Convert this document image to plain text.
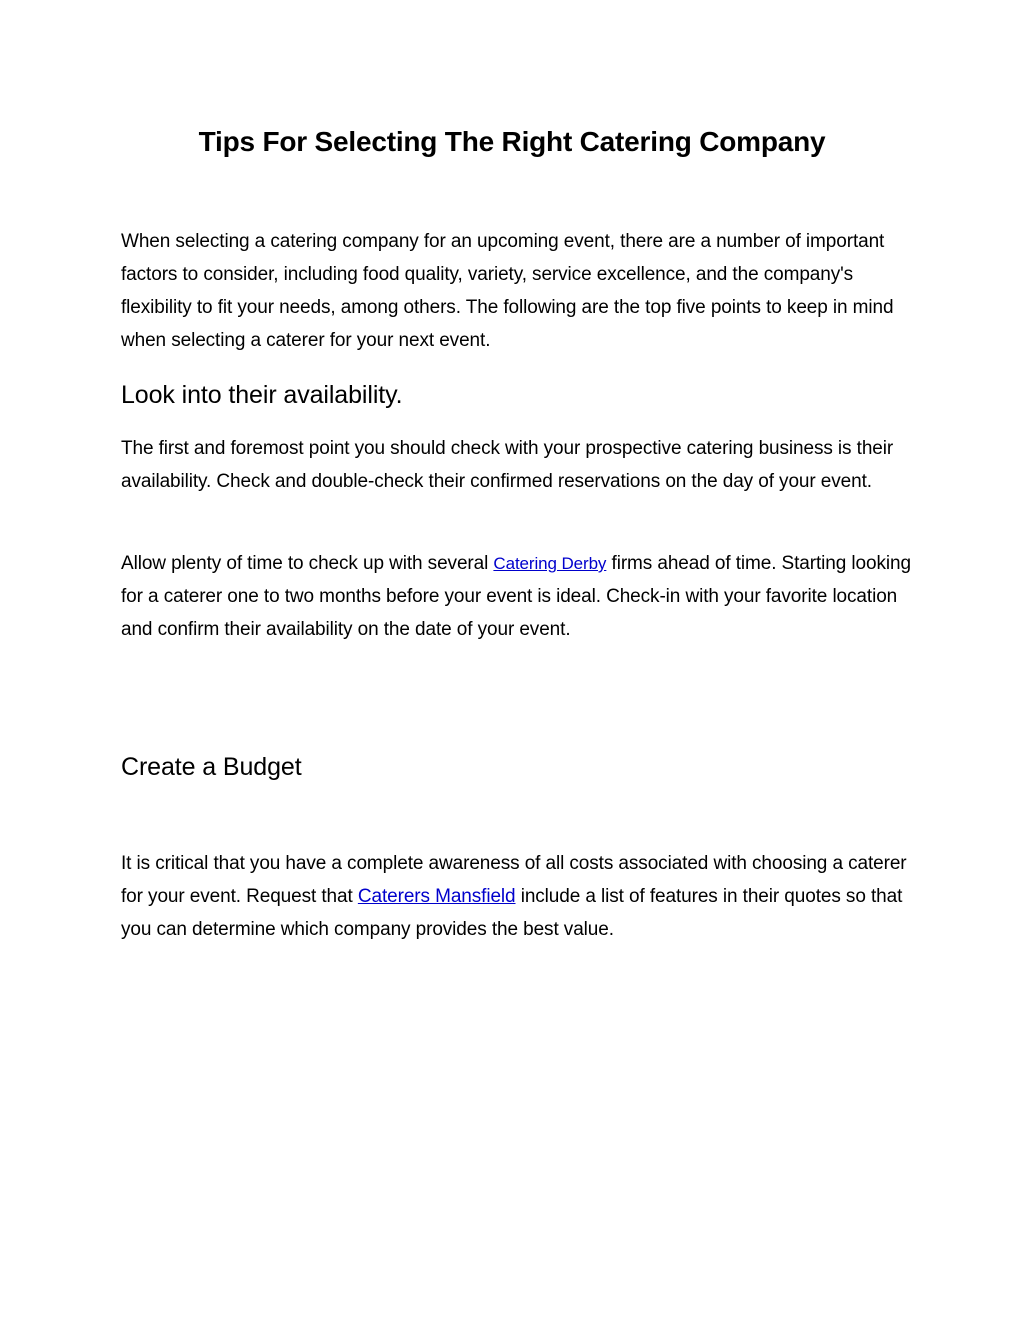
Tips For Selecting The Right Catering Company

When selecting a catering company for an upcoming event, there are a number of important factors to consider, including food quality, variety, service excellence, and the company's flexibility to fit your needs, among others. The following are the top five points to keep in mind when selecting a caterer for your next event.

Look into their availability.

The first and foremost point you should check with your prospective catering business is their availability. Check and double-check their confirmed reservations on the day of your event.

Allow plenty of time to check up with several Catering Derby firms ahead of time. Starting looking for a caterer one to two months before your event is ideal. Check-in with your favorite location and confirm their availability on the date of your event.

Create a Budget

It is critical that you have a complete awareness of all costs associated with choosing a caterer for your event. Request that Caterers Mansfield include a list of features in their quotes so that you can determine which company provides the best value.
